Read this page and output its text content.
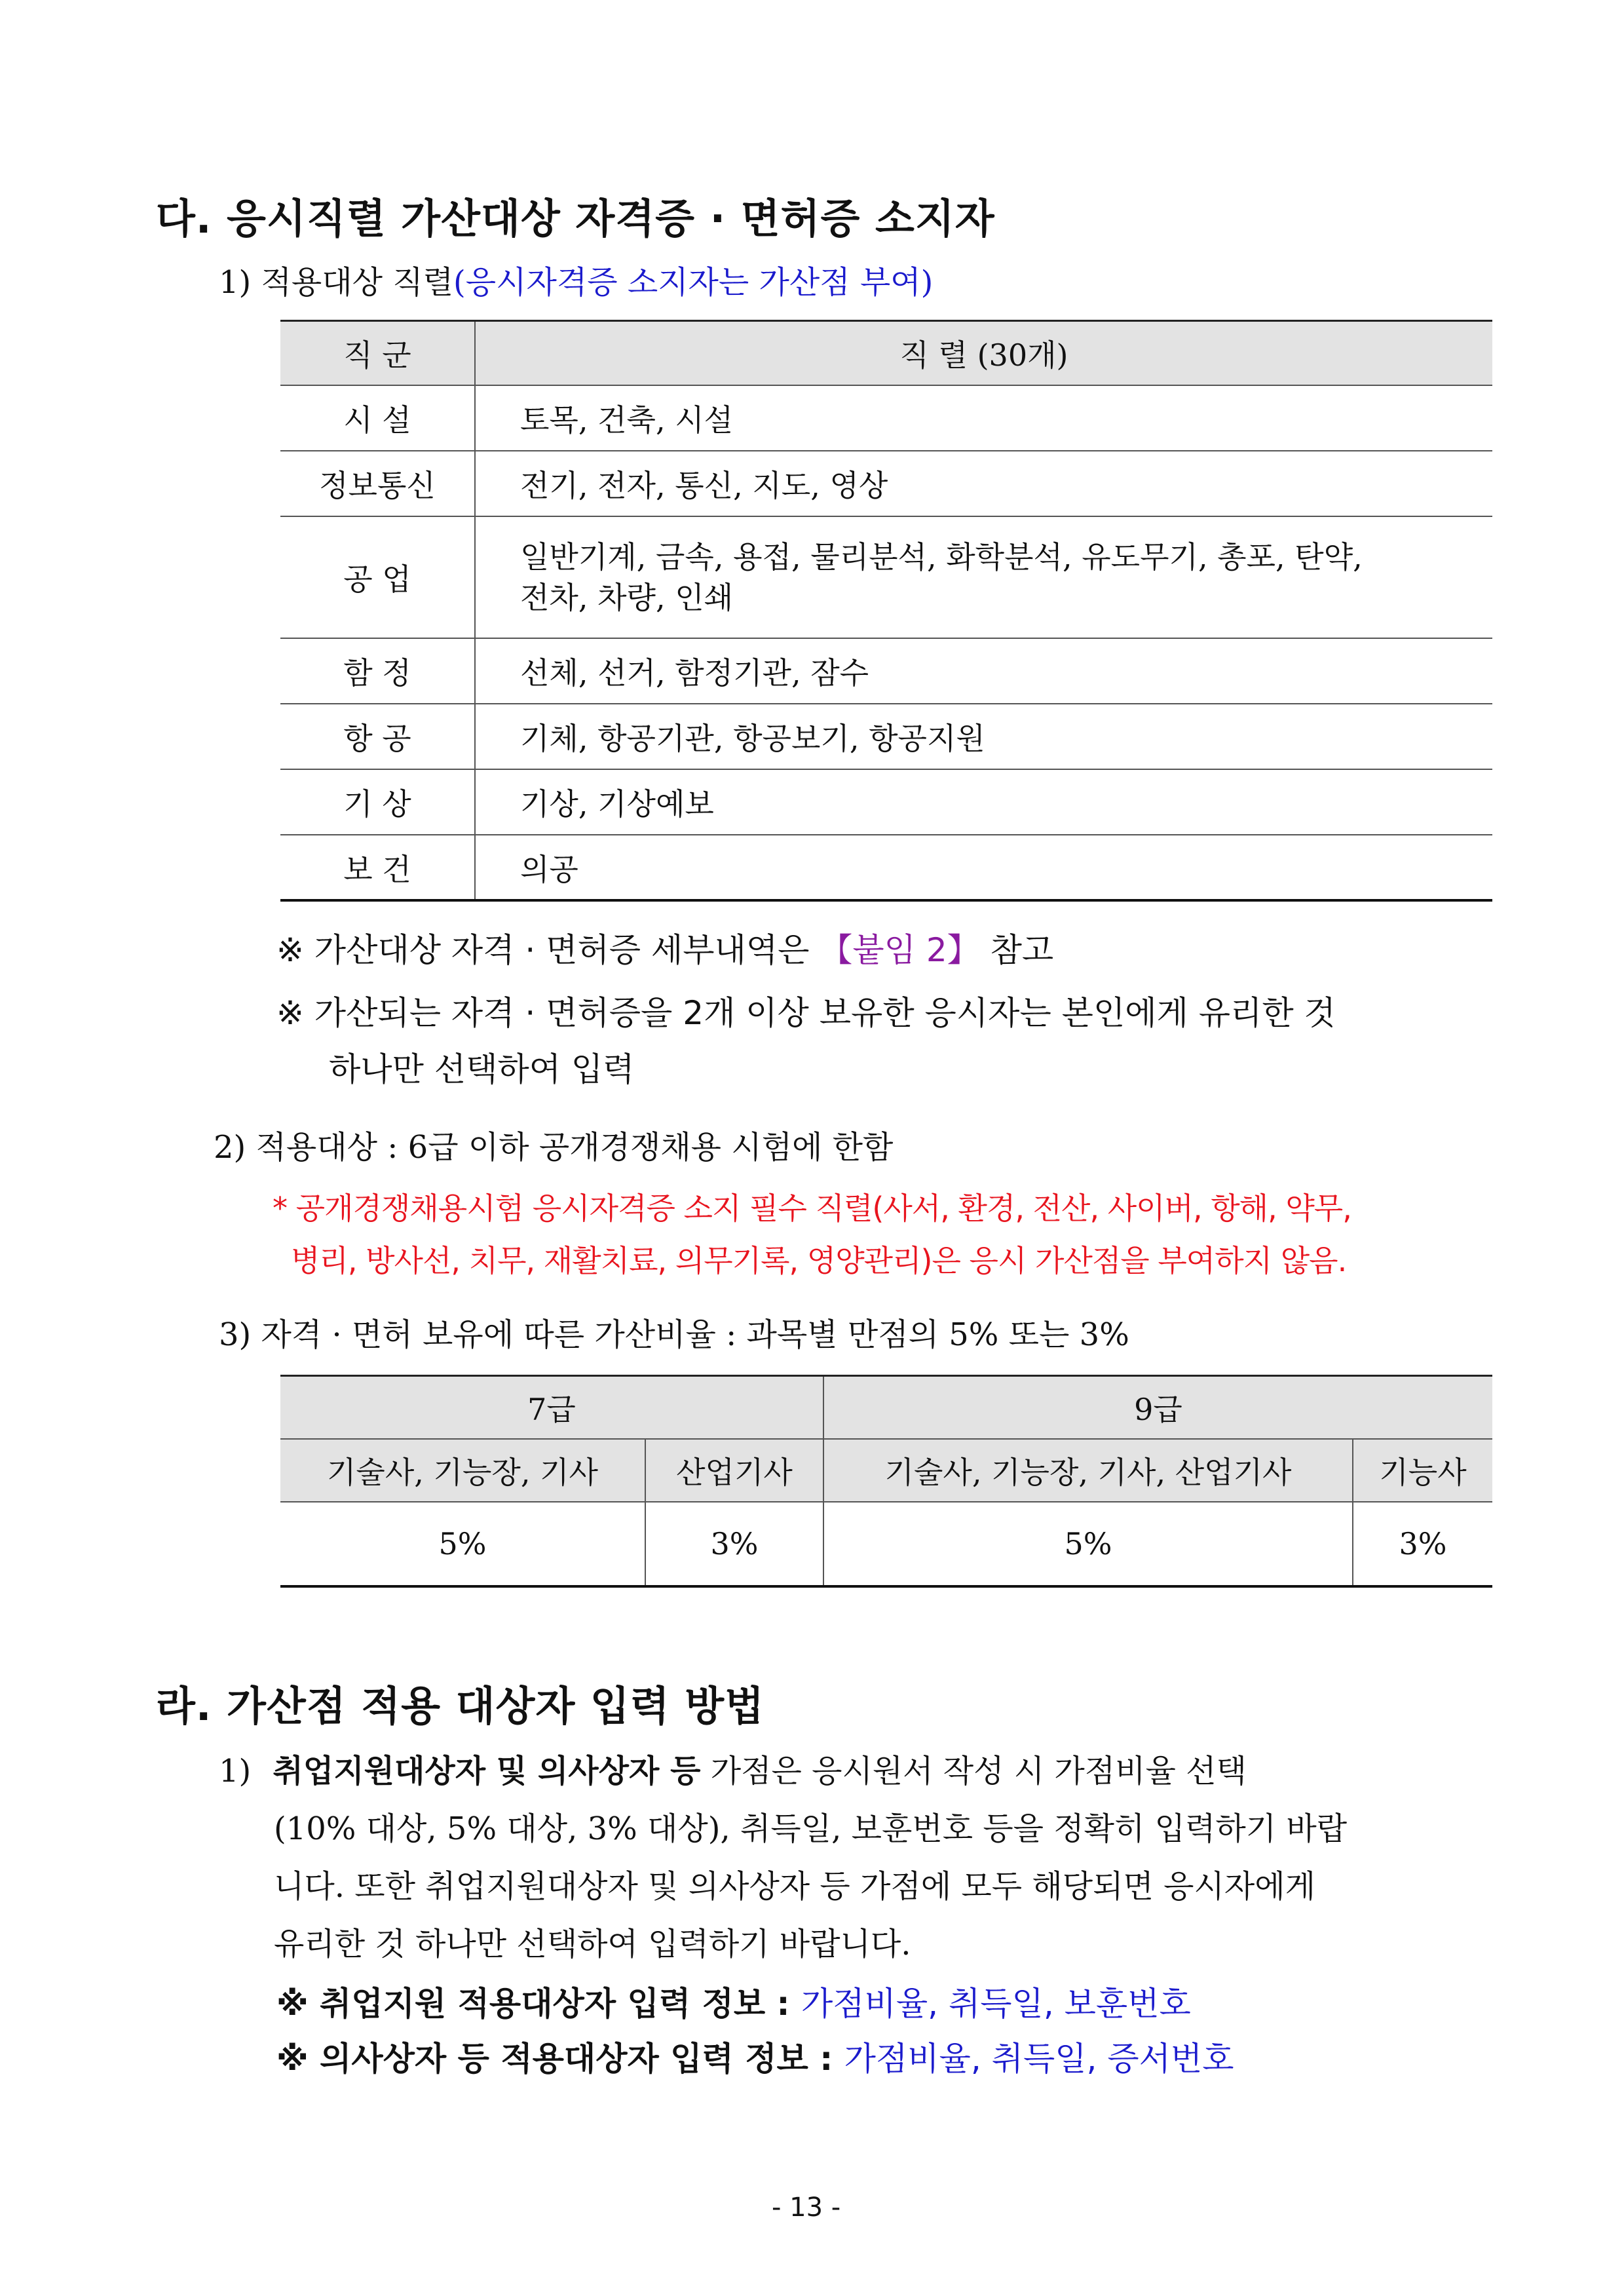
다. 응시직렬 가산대상 자격증 · 면허증 소지자
1) 적용대상 직렬(응시자격증 소지자는 가산점 부여)
직 군	직 렬 (30개)
시 설	토목, 건축, 시설
정보통신	전기, 전자, 통신, 지도, 영상
공 업	일반기계, 금속, 용접, 물리분석, 화학분석, 유도무기, 총포, 탄약,
전차, 차량, 인쇄

함 정	선체, 선거, 함정기관, 잠수
항 공	기체, 항공기관, 항공보기, 항공지원
기 상	기상, 기상예보
보 건	의공
※ 가산대상 자격 · 면허증 세부내역은 【붙임 2】 참고
※ 가산되는 자격 · 면허증을 2개 이상 보유한 응시자는 본인에게 유리한 것
하나만 선택하여 입력
2) 적용대상 : 6급 이하 공개경쟁채용 시험에 한함
* 공개경쟁채용시험 응시자격증 소지 필수 직렬(사서, 환경, 전산, 사이버, 항해, 약무,
병리, 방사선, 치무, 재활치료, 의무기록, 영양관리)은 응시 가산점을 부여하지 않음.
3) 자격 · 면허 보유에 따른 가산비율 : 과목별 만점의 5% 또는 3%
7급		9급	
기술사, 기능장, 기사	산업기사	기술사, 기능장, 기사, 산업기사	기능사
5%	3%	5%	3%
라. 가산점 적용 대상자 입력 방법
1) 취업지원대상자 및 의사상자 등 가점은 응시원서 작성 시 가점비율 선택
(10% 대상, 5% 대상, 3% 대상), 취득일, 보훈번호 등을 정확히 입력하기 바랍
니다. 또한 취업지원대상자 및 의사상자 등 가점에 모두 해당되면 응시자에게
유리한 것 하나만 선택하여 입력하기 바랍니다.
※ 취업지원 적용대상자 입력 정보 : 가점비율, 취득일, 보훈번호
※ 의사상자 등 적용대상자 입력 정보 : 가점비율, 취득일, 증서번호
- 13 -
